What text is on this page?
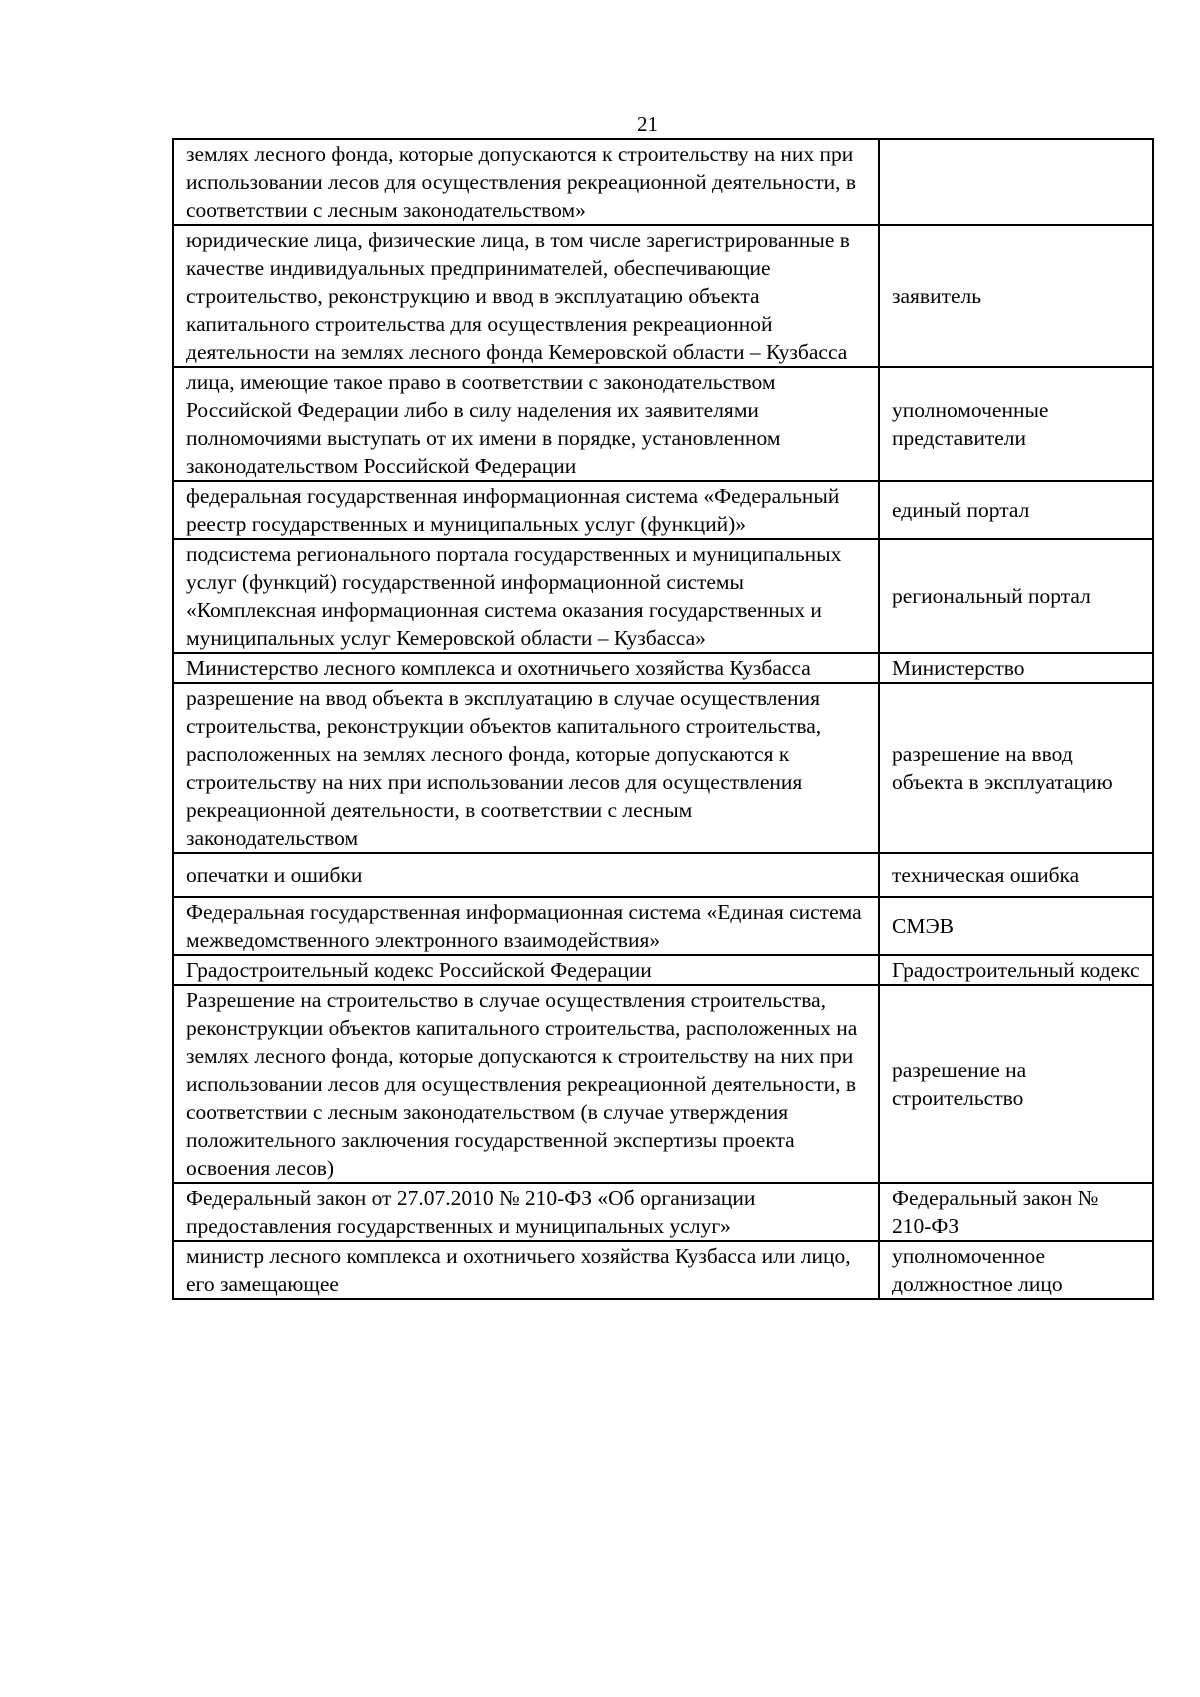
21
землях лесного фонда, которые допускаются к строительству на них при использовании лесов для осуществления рекреационной деятельности, в соответствии с лесным законодательством»	
юридические лица, физические лица, в том числе зарегистрированные в качестве индивидуальных предпринимателей, обеспечивающие строительство, реконструкцию и ввод в эксплуатацию объекта капитального строительства для осуществления рекреационной деятельности на землях лесного фонда Кемеровской области – Кузбасса	заявитель
лица, имеющие такое право в соответствии с законодательством Российской Федерации либо в силу наделения их заявителями полномочиями выступать от их имени в порядке, установленном законодательством Российской Федерации	уполномоченные представители
федеральная государственная информационная система «Федеральный реестр государственных и муниципальных услуг (функций)»	единый портал
подсистема регионального портала государственных и муниципальных услуг (функций) государственной информационной системы «Комплексная информационная система оказания государственных и муниципальных услуг Кемеровской области – Кузбасса»	региональный портал
Министерство лесного комплекса и охотничьего хозяйства Кузбасса	Министерство
разрешение на ввод объекта в эксплуатацию в случае осуществления строительства, реконструкции объектов капитального строительства, расположенных на землях лесного фонда, которые допускаются к строительству на них при использовании лесов для осуществления рекреационной деятельности, в соответствии с лесным законодательством	разрешение на ввод объекта в эксплуатацию
опечатки и ошибки	техническая ошибка
Федеральная государственная информационная система «Единая система межведомственного электронного взаимодействия»	СМЭВ
Градостроительный кодекс Российской Федерации	Градостроительный кодекс
Разрешение на строительство в случае осуществления строительства, реконструкции объектов капитального строительства, расположенных на землях лесного фонда, которые допускаются к строительству на них при использовании лесов для осуществления рекреационной деятельности, в соответствии с лесным законодательством (в случае утверждения положительного заключения государственной экспертизы проекта освоения лесов)	разрешение на строительство
Федеральный закон от 27.07.2010 № 210-ФЗ «Об организации предоставления государственных и муниципальных услуг»	Федеральный закон № 210-ФЗ
министр лесного комплекса и охотничьего хозяйства Кузбасса или лицо, его замещающее	уполномоченное должностное лицо
